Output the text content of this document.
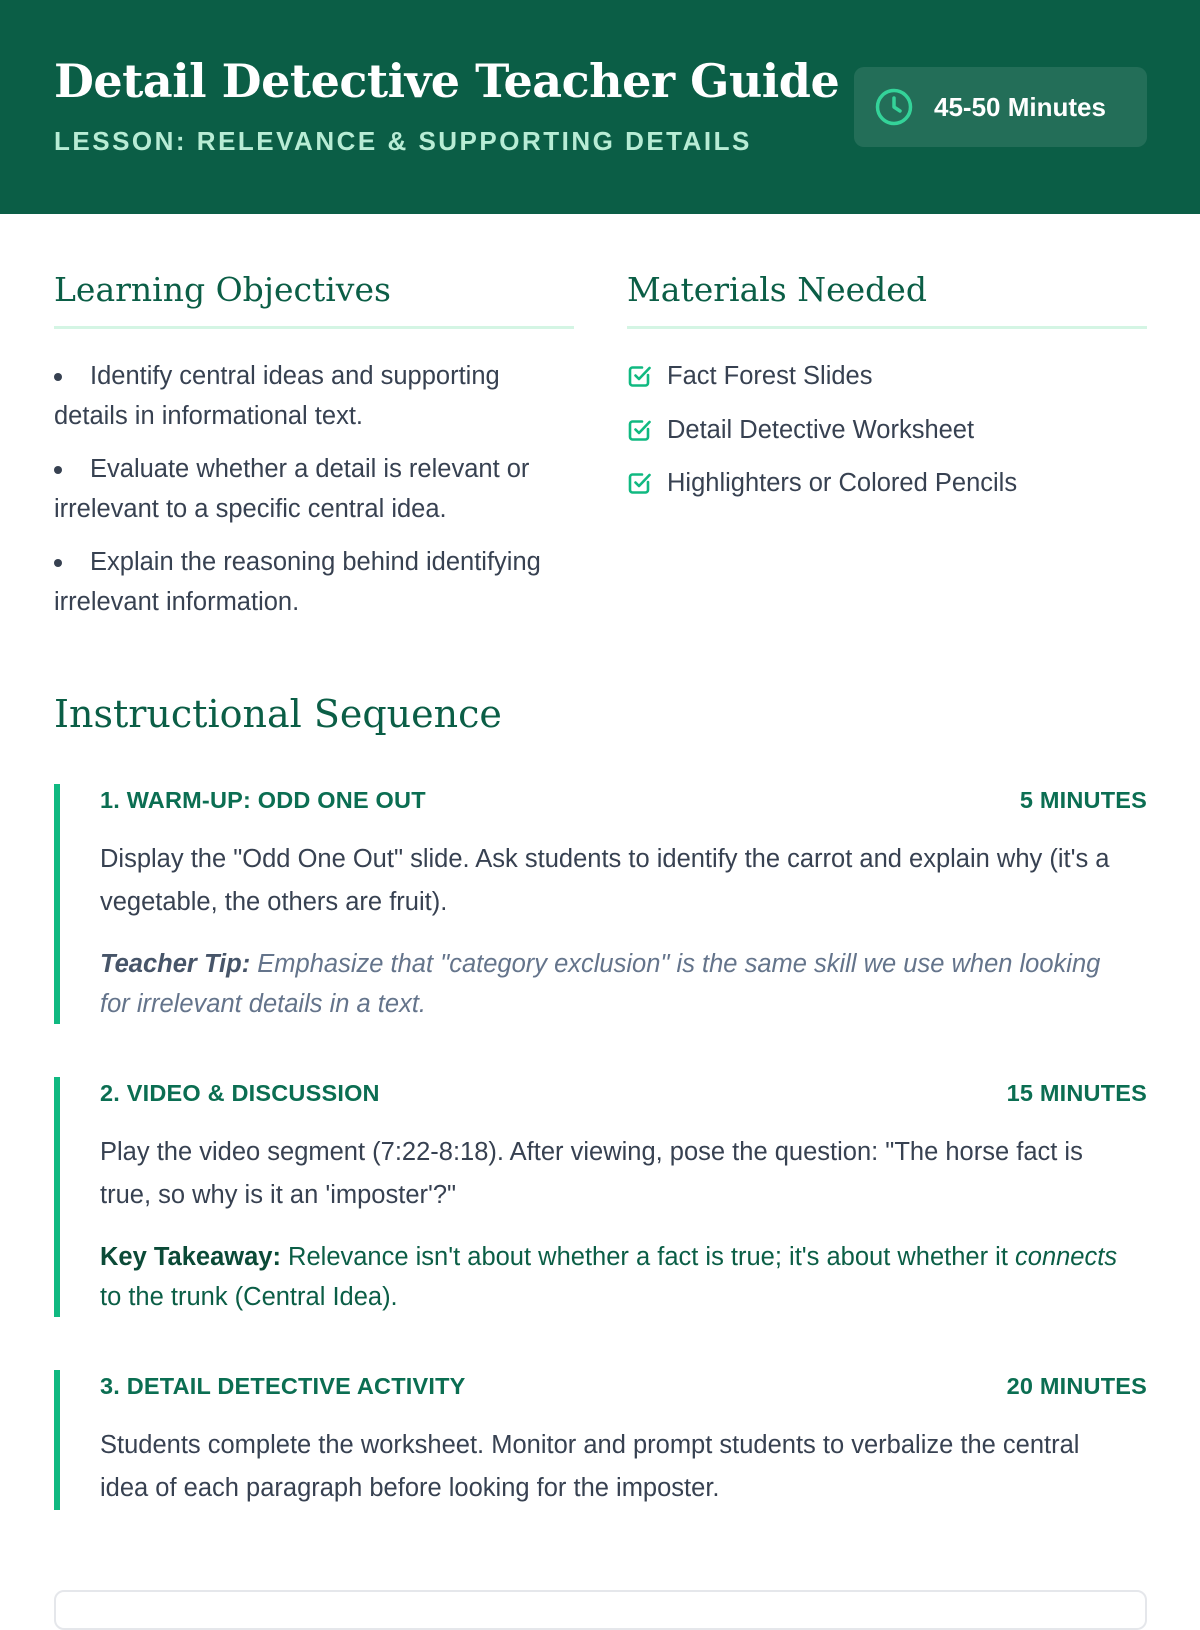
Detail Detective Teacher Guide
LESSON: RELEVANCE & SUPPORTING DETAILS
45-50 Minutes
Learning Objectives
Identify central ideas and supporting details in informational text.
Evaluate whether a detail is relevant or irrelevant to a specific central idea.
Explain the reasoning behind identifying irrelevant information.
Materials Needed
Fact Forest Slides
Detail Detective Worksheet
Highlighters or Colored Pencils
Instructional Sequence
1. WARM-UP: ODD ONE OUT	5 MINUTES
Display the "Odd One Out" slide. Ask students to identify the carrot and explain why (it's a vegetable, the others are fruit).
Teacher Tip: Emphasize that "category exclusion" is the same skill we use when looking for irrelevant details in a text.
2. VIDEO & DISCUSSION	15 MINUTES
Play the video segment (7:22-8:18). After viewing, pose the question: "The horse fact is true, so why is it an 'imposter'?"
Key Takeaway: Relevance isn't about whether a fact is true; it's about whether it connects to the trunk (Central Idea).
3. DETAIL DETECTIVE ACTIVITY	20 MINUTES
Students complete the worksheet. Monitor and prompt students to verbalize the central idea of each paragraph before looking for the imposter.
